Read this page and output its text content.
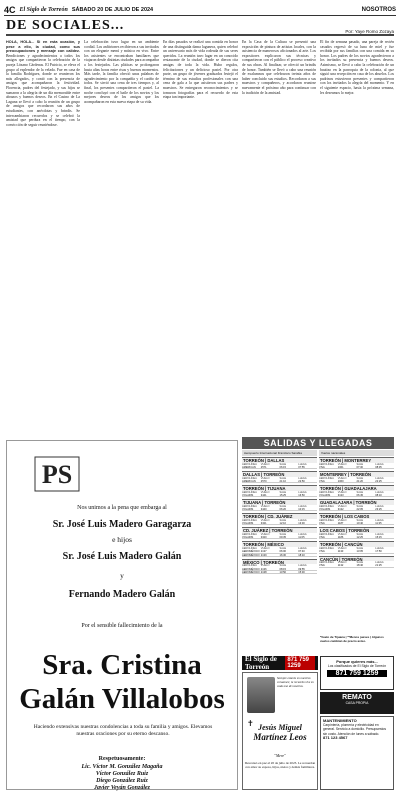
4C El Siglo de Torreón SÁBADO 20 DE JULIO DE 2024	NOSOTROS
DE SOCIALES...	Por: Yaye Romo Zozaya
HOLA, HOLA... Si en esta ocasión, y pese a ello, la ciudad, como sus preocupaciones y mensaje con calidez. Bendiciones y agradecimientos a todos los amigos que compartieron la celebración de la pareja Lózano Cárdenas. El Patricio, se eleva el grupo al esplendor de la velada. Fue en casa de la familia Rodríguez, donde se reunieron los más allegados, y contó con la presencia de amigos que acompañaron la festividad. Florencia, padres del festejado, y sus hijos se sumaron a la alegría de un día memorable entre abrazos y buenos deseos. En el Casino de La Laguna se llevó a cabo la reunión de un grupo de amigos que recordaron sus años de estudiantes, con anécdotas y brindis. Se intercambiaron recuerdos y se celebró la amistad que perdura en el tiempo, con la convicción de seguir reuniéndose.
La celebración tuvo lugar en un ambiente cordial. Los anfitriones recibieron a sus invitados con un elegante menú y música en vivo. Entre los asistentes se encontraban familiares que viajaron desde distintas ciudades para acompañar a los festejados. Las pláticas se prolongaron hasta altas horas entre risas y buenos momentos. Más tarde, la familia ofreció unas palabras de agradecimiento por la compañía y el cariño de todos. Se sirvió una cena de tres tiempos y, al final, los presentes compartieron el pastel. La noche concluyó con el baile de los novios y los mejores deseos de los amigos que los acompañaron en esta nueva etapa de su vida.
En días pasados se realizó una comida en honor de una distinguida dama lagunera, quien celebró un aniversario más de vida rodeada de sus seres queridos. La reunión tuvo lugar en un conocido restaurante de la ciudad, donde se dieron cita amigas de toda la vida. Hubo regalos, felicitaciones y un delicioso pastel. Por otra parte, un grupo de jóvenes graduados festejó el término de sus estudios profesionales con una cena de gala a la que asistieron sus padres y maestros. Se entregaron reconocimientos y se tomaron fotografías para el recuerdo de esta etapa tan importante.
En la Casa de la Cultura se presentó una exposición de pintura de artistas locales, con la asistencia de numerosos aficionados al arte. Los expositores explicaron sus técnicas y compartieron con el público el proceso creativo de sus obras. Al finalizar, se ofreció un brindis de honor. También se llevó a cabo una reunión de exalumnos que celebraron treinta años de haber concluido sus estudios. Recordaron a sus maestros y compañeros, y acordaron reunirse nuevamente el próximo año para continuar con la tradición de la amistad.
El fin de semana pasado, una pareja de recién casados regresó de su luna de miel y fue recibida por sus familias con una comida en su honor. Los padres de los novios agradecieron a los invitados su presencia y buenos deseos. Asimismo, se llevó a cabo la celebración de un bautizo en la parroquia de la colonia, al que siguió una recepción en casa de los abuelos. Los padrinos estuvieron presentes y compartieron con los invitados la alegría del momento. Y en el siguiente espacio, hasta la próxima semana, les deseamos lo mejor.
PS
Nos unimos a la pena que embarga al
Sr. José Luis Madero Garagarza
e hijos
Sr. José Luis Madero Galán
y
Fernando Madero Galán
Por el sensible fallecimiento de la
Sra. Cristina
Galán Villalobos
Haciendo extensivas nuestras condolencias a toda su familia y amigos. Elevamos nuestras oraciones por su eterno descanso.
Respetuosamente:
Lic. Víctor M. González Magaña
Víctor González Ruiz
Diego González Ruiz
Javier Veyán González
SALIDAS Y LLEGADAS
Aeropuerto Internacional Francisco Sarabia	Vuelos nacionales
TORREÓN | DALLAS
AEROLÍNEA	VUELO	SALE	LLEGA
AMERICAN	2571	06:15	07:55
DALLAS | TORREÓN
AEROLÍNEA	VUELO	SALE	LLEGA
AMERICAN	2570	21:10	22:50
TORREÓN | TIJUANA
AEROLÍNEA	VUELO	SALE	LLEGA
VOLARIS	3441	15:25	16:50
TIJUANA | TORREÓN
AEROLÍNEA	VUELO	SALE	LLEGA
VOLARIS	3440	06:20	10:15
TORREÓN | CD. JUÁREZ
AEROLÍNEA	VUELO	SALE	LLEGA
VOLARIS	3321	12:10	13:30
CD. JUÁREZ | TORREÓN
AEROLÍNEA	VUELO	SALE	LLEGA
VOLARIS	3320	09:35	11:05
TORREÓN | MÉXICO
AEROLÍNEA	VUELO	SALE	LLEGA
AEROMÉXICO 2137	06:00	07:40
AEROMÉXICO 2139	16:30	18:10
MÉXICO | TORREÓN
AEROLÍNEA	VUELO	SALE	LLEGA
AEROMÉXICO 2136	08:15	09:55
AEROMÉXICO 2138	13:50	15:30
TORREÓN | MONTERREY
AEROLÍNEA	VUELO	SALE	LLEGA
VIVA	1061	07:30	08:35
MONTERREY | TORREÓN
AEROLÍNEA	VUELO	SALE	LLEGA
VIVA	1060	21:20	22:25
TORREÓN | GUADALAJARA
AEROLÍNEA	VUELO	SALE	LLEGA
VOLARIS	3133	06:45	08:10
GUADALAJARA | TORREÓN
AEROLÍNEA	VUELO	SALE	LLEGA
VOLARIS	3132	22:05	23:25
TORREÓN | LOS CABOS
AEROLÍNEA	VUELO	SALE	LLEGA
VIVA	1187	10:40	11:35
LOS CABOS | TORREÓN
AEROLÍNEA	VUELO	SALE	LLEGA
VIVA	1186	12:25	15:15
TORREÓN | CANCÚN
AEROLÍNEA	VUELO	SALE	LLEGA
VIVA	1133	13:05	17:50
CANCÚN | TORREÓN
AEROLÍNEA	VUELO	SALE	LLEGA
VIVA	1132	18:40	21:25
*Vuelo de Tijuana | **Menos jueves | Algunos vuelos cambian de precio aviso.
El Siglo de Torreón
871 759 1259
Siempre estarás en nuestros corazones; tu recuerdo vive en cada uno de nosotros.
✝ Jesús Miguel
Martínez Leos
"Mere"
Descansó en paz el 20 de julio de 2023. Le recuerdan con amor su esposa, hijos, nietos y demás familiares.
Porque quieres más...
Los clasificados de El Siglo de Torreón
871 759 1259
REMATO
CASA PROPIA
MANTENIMIENTO
Carpintería, plomería y electricidad en general. Servicio a domicilio. Presupuestos sin costo. Atención de lunes a sábado.
871 123 4567
